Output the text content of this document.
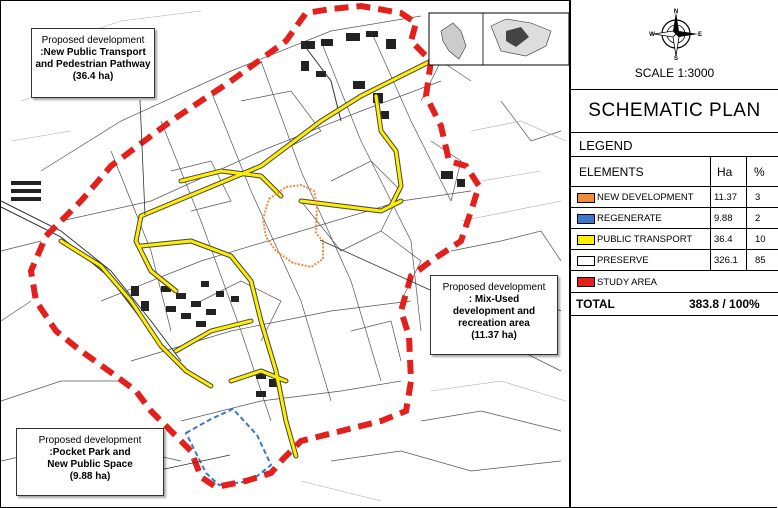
Proposed development
:New Public Transport
and Pedestrian Pathway
(36.4 ha)
Proposed development
: Mix-Used
development and
recreation area
(11.37 ha)
Proposed development
:Pocket Park and
New Public Space
(9.88 ha)
N
S
W	E
SCALE 1:3000
SCHEMATIC PLAN
LEGEND
ELEMENTS	Ha %
NEW DEVELOPMENT 11.37 3
REGENERATE	9.88 2
PUBLIC TRANSPORT 36.4 10
PRESERVE	326.1 85
STUDY AREA
TOTAL	383.8 / 100%
